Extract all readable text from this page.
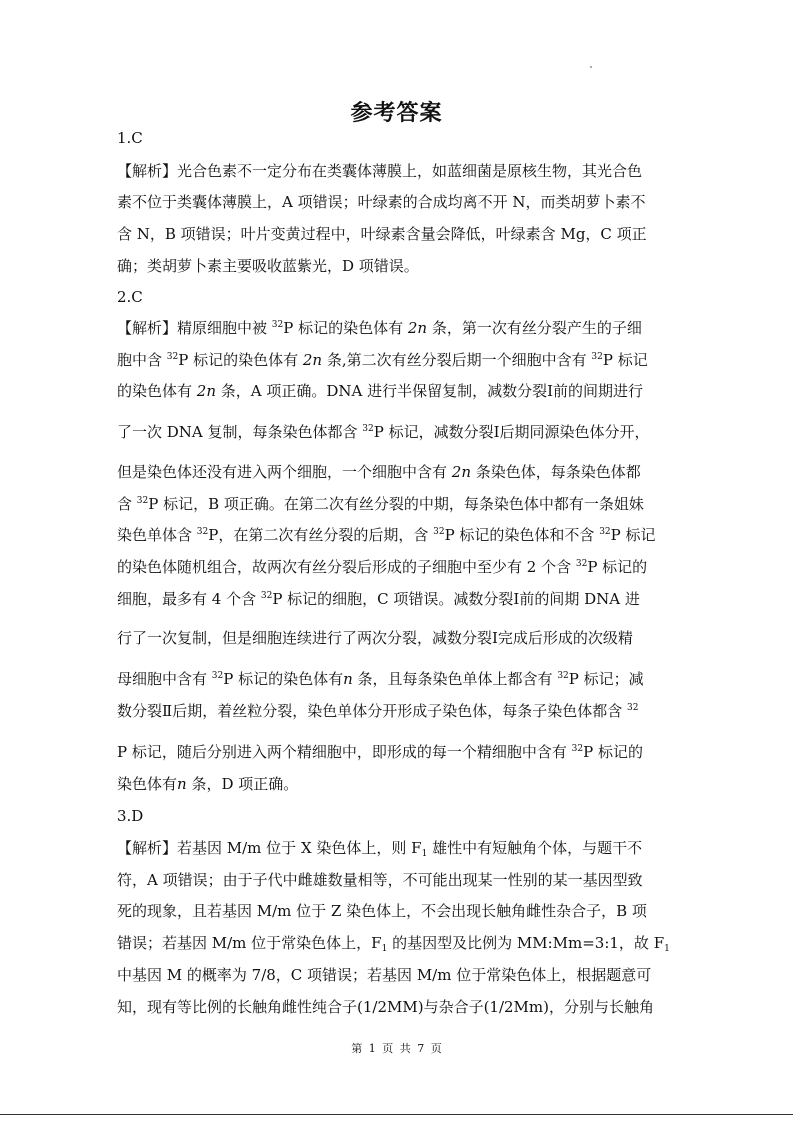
参考答案
1.C
【解析】光合色素不一定分布在类囊体薄膜上，如蓝细菌是原核生物，其光合色
素不位于类囊体薄膜上，A 项错误；叶绿素的合成均离不开 N，而类胡萝卜素不
含 N，B 项错误；叶片变黄过程中，叶绿素含量会降低，叶绿素含 Mg，C 项正
确；类胡萝卜素主要吸收蓝紫光，D 项错误。
2.C
【解析】精原细胞中被 $^{32}$P 标记的染色体有 2n 条，第一次有丝分裂产生的子细
胞中含 $^{32}$P 标记的染色体有 2n 条,第二次有丝分裂后期一个细胞中含有 $^{32}$P 标记
的染色体有 2n 条，A 项正确。DNA 进行半保留复制，减数分裂Ⅰ前的间期进行
了一次 DNA 复制，每条染色体都含 $^{32}$P 标记，减数分裂Ⅰ后期同源染色体分开，
但是染色体还没有进入两个细胞，一个细胞中含有 2n 条染色体，每条染色体都
含 $^{32}$P 标记，B 项正确。在第二次有丝分裂的中期，每条染色体中都有一条姐妹
染色单体含 $^{32}$P，在第二次有丝分裂的后期，含 $^{32}$P 标记的染色体和不含 $^{32}$P 标记
的染色体随机组合，故两次有丝分裂后形成的子细胞中至少有 2 个含 $^{32}$P 标记的
细胞，最多有 4 个含 $^{32}$P 标记的细胞，C 项错误。减数分裂Ⅰ前的间期 DNA 进
行了一次复制，但是细胞连续进行了两次分裂，减数分裂Ⅰ完成后形成的次级精
母细胞中含有 $^{32}$P 标记的染色体有n 条，且每条染色单体上都含有 $^{32}$P 标记；减
数分裂Ⅱ后期，着丝粒分裂，染色单体分开形成子染色体，每条子染色体都含 $^{32}$
P 标记，随后分别进入两个精细胞中，即形成的每一个精细胞中含有 $^{32}$P 标记的
染色体有n 条，D 项正确。
3.D
【解析】若基因 M/m 位于 X 染色体上，则 $F_1$ 雄性中有短触角个体，与题干不
符，A 项错误；由于子代中雌雄数量相等，不可能出现某一性别的某一基因型致
死的现象，且若基因 M/m 位于 Z 染色体上，不会出现长触角雌性杂合子，B 项
错误；若基因 M/m 位于常染色体上，$F_1$ 的基因型及比例为 MM:Mm=3:1，故 $F_1$
中基因 M 的概率为 7/8，C 项错误；若基因 M/m 位于常染色体上，根据题意可
知，现有等比例的长触角雌性纯合子(1/2MM)与杂合子(1/2Mm)，分别与长触角
第 1 页 共 7 页
